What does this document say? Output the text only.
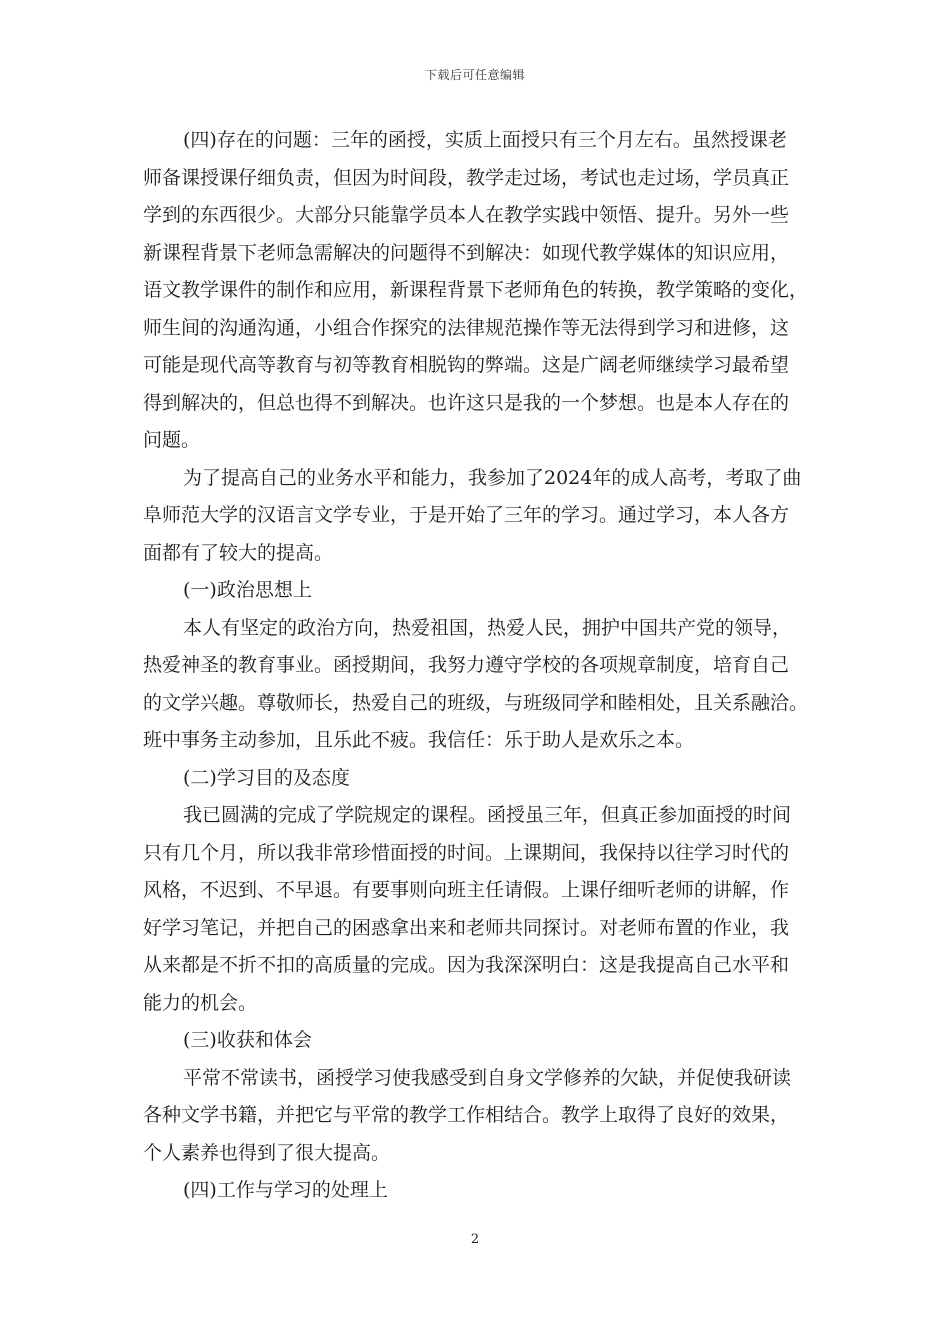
下载后可任意编辑
(四)存在的问题：三年的函授，实质上面授只有三个月左右。虽然授课老
师备课授课仔细负责，但因为时间段，教学走过场，考试也走过场，学员真正
学到的东西很少。大部分只能靠学员本人在教学实践中领悟、提升。另外一些
新课程背景下老师急需解决的问题得不到解决：如现代教学媒体的知识应用，
语文教学课件的制作和应用，新课程背景下老师角色的转换，教学策略的变化，
师生间的沟通沟通，小组合作探究的法律规范操作等无法得到学习和进修，这
可能是现代高等教育与初等教育相脱钩的弊端。这是广阔老师继续学习最希望
得到解决的，但总也得不到解决。也许这只是我的一个梦想。也是本人存在的
问题。
为了提高自己的业务水平和能力，我参加了2024年的成人高考，考取了曲
阜师范大学的汉语言文学专业，于是开始了三年的学习。通过学习，本人各方
面都有了较大的提高。
(一)政治思想上
本人有坚定的政治方向，热爱祖国，热爱人民，拥护中国共产党的领导，
热爱神圣的教育事业。函授期间，我努力遵守学校的各项规章制度，培育自己
的文学兴趣。尊敬师长，热爱自己的班级，与班级同学和睦相处，且关系融洽。
班中事务主动参加，且乐此不疲。我信任：乐于助人是欢乐之本。
(二)学习目的及态度
我已圆满的完成了学院规定的课程。函授虽三年，但真正参加面授的时间
只有几个月，所以我非常珍惜面授的时间。上课期间，我保持以往学习时代的
风格，不迟到、不早退。有要事则向班主任请假。上课仔细听老师的讲解，作
好学习笔记，并把自己的困惑拿出来和老师共同探讨。对老师布置的作业，我
从来都是不折不扣的高质量的完成。因为我深深明白：这是我提高自己水平和
能力的机会。
(三)收获和体会
平常不常读书，函授学习使我感受到自身文学修养的欠缺，并促使我研读
各种文学书籍，并把它与平常的教学工作相结合。教学上取得了良好的效果，
个人素养也得到了很大提高。
(四)工作与学习的处理上
2
